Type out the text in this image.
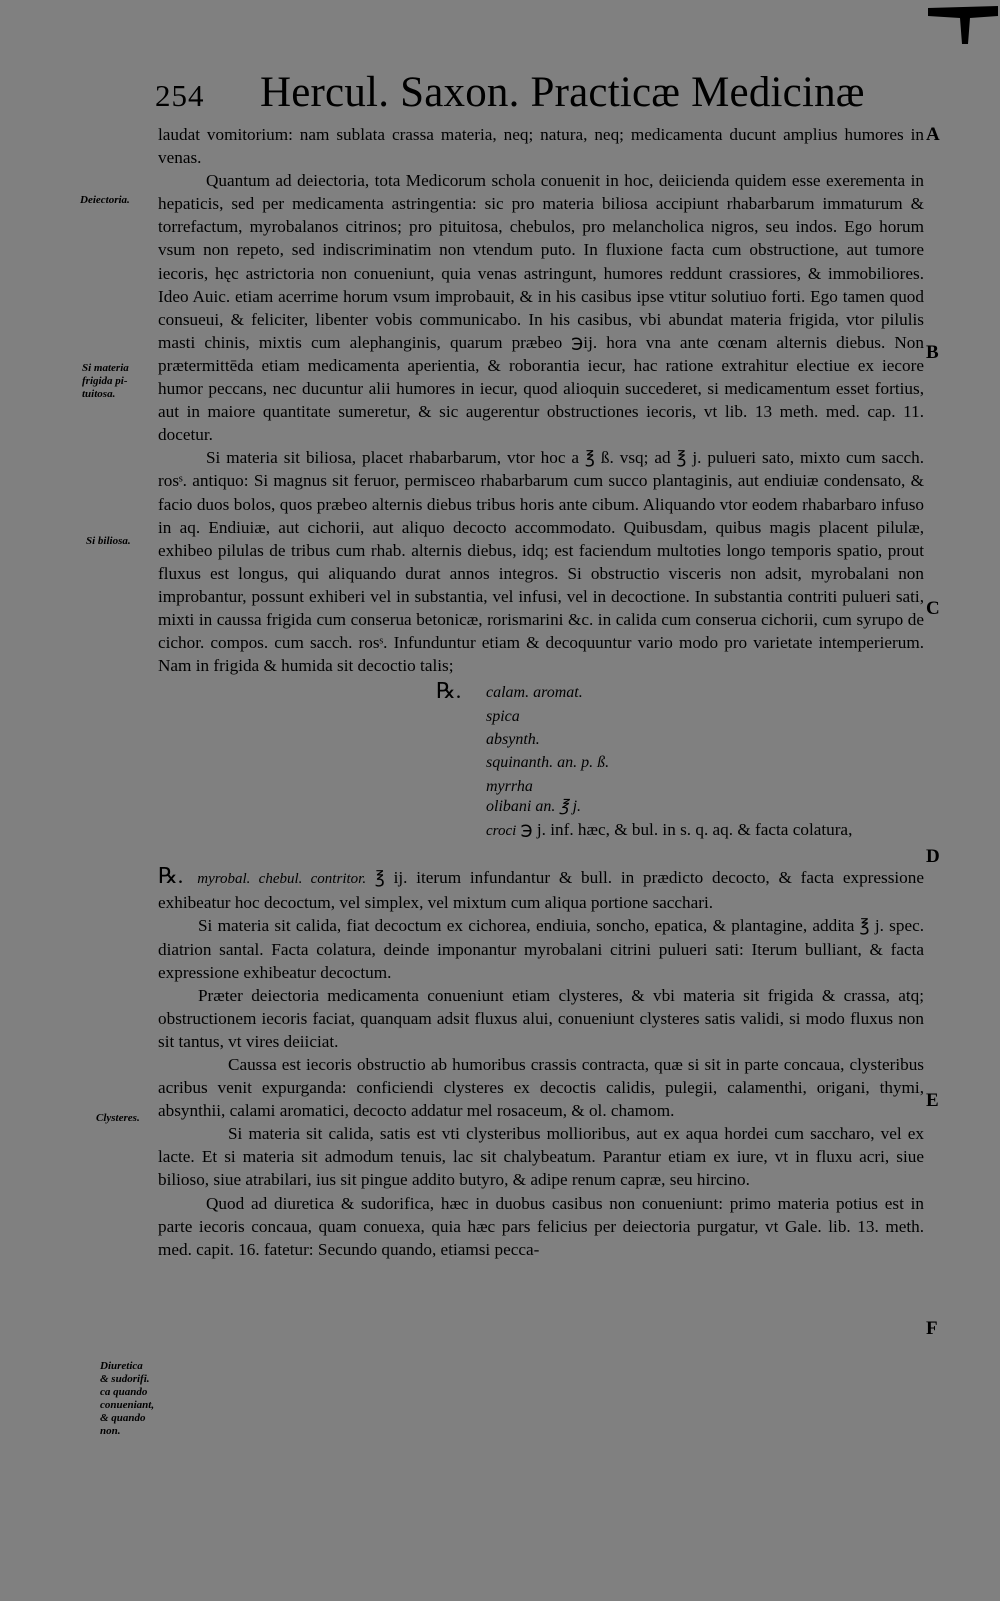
254 Hercul. Saxon. Practicæ Medicinæ
Deiectoria.
Si materia
frigida pi-
tuitosa.
Si biliosa.
Clysteres.
Diuretica
& sudorifi.
ca quando
conueniant,
& quando
non.
A
B
C
D
E
F

laudat vomitorium: nam sublata crassa materia, neq; natura, neq; medicamenta ducunt amplius humores in venas.

Quantum ad deiectoria, tota Medicorum schola conuenit in hoc, deiicienda quidem esse exerementa in hepaticis, sed per medicamenta astringentia: sic pro materia biliosa accipiunt rhabarbarum immaturum & torrefactum, myrobalanos citrinos; pro pituitosa, chebulos, pro melancholica nigros, seu indos. Ego horum vsum non repeto, sed indiscriminatim non vtendum puto. In fluxione facta cum obstructione, aut tumore iecoris, hęc astrictoria non conueniunt, quia venas astringunt, humores reddunt crassiores, & immobiliores. Ideo Auic. etiam acerrime horum vsum improbauit, & in his casibus ipse vtitur solutiuo forti. Ego tamen quod consueui, & feliciter, libenter vobis communicabo. In his casibus, vbi abundat materia frigida, vtor pilulis masti chinis, mixtis cum alephanginis, quarum præbeo ℈ij. hora vna ante cœnam alternis diebus. Non prætermittēda etiam medicamenta aperientia, & roborantia iecur, hac ratione extrahitur electiue ex iecore humor peccans, nec ducuntur alii humores in iecur, quod alioquin succederet, si medicamentum esset fortius, aut in maiore quantitate sumeretur, & sic augerentur obstructiones iecoris, vt lib. 13 meth. med. cap. 11. docetur.

Si materia sit biliosa, placet rhabarbarum, vtor hoc a ℥ ß. vsq; ad ℥ j. pulueri sato, mixto cum sacch. rosˢ. antiquo: Si magnus sit feruor, permisceo rhabarbarum cum succo plantaginis, aut endiuiæ condensato, & facio duos bolos, quos præbeo alternis diebus tribus horis ante cibum. Aliquando vtor eodem rhabarbaro infuso in aq. Endiuiæ, aut cichorii, aut aliquo decocto accommodato. Quibusdam, quibus magis placent pilulæ, exhibeo pilulas de tribus cum rhab. alternis diebus, idq; est faciendum multoties longo temporis spatio, prout fluxus est longus, qui aliquando durat annos integros. Si obstructio visceris non adsit, myrobalani non improbantur, possunt exhiberi vel in substantia, vel infusi, vel in decoctione. In substantia contriti pulueri sati, mixti in caussa frigida cum conserua betonicæ, rorismarini &c. in calida cum conserua cichorii, cum syrupo de cichor. compos. cum sacch. rosˢ. Infunduntur etiam & decoquuntur vario modo pro varietate intemperierum. Nam in frigida & humida sit decoctio talis;

℞. calam. aromat.
spica
absynth.
squinanth. an. p. ß.
myrrha
olibani an. ℥ j.
croci ℈ j. inf. hæc, & bul. in s. q. aq. & facta colatura,

℞. myrobal. chebul. contritor. ℥ ij. iterum infundantur & bull. in prædicto decocto, & facta expressione exhibeatur hoc decoctum, vel simplex, vel mixtum cum aliqua portione sacchari.

Si materia sit calida, fiat decoctum ex cichorea, endiuia, soncho, epatica, & plantagine, addita ℥ j. spec. diatrion santal. Facta colatura, deinde imponantur myrobalani citrini pulueri sati: Iterum bulliant, & facta expressione exhibeatur decoctum.

Præter deiectoria medicamenta conueniunt etiam clysteres, & vbi materia sit frigida & crassa, atq; obstructionem iecoris faciat, quanquam adsit fluxus alui, conueniunt clysteres satis validi, si modo fluxus non sit tantus, vt vires deiiciat.

Caussa est iecoris obstructio ab humoribus crassis contracta, quæ si sit in parte concaua, clysteribus acribus venit expurganda: conficiendi clysteres ex decoctis calidis, pulegii, calamenthi, origani, thymi, absynthii, calami aromatici, decocto addatur mel rosaceum, & ol. chamom.

Si materia sit calida, satis est vti clysteribus mollioribus, aut ex aqua hordei cum saccharo, vel ex lacte. Et si materia sit admodum tenuis, lac sit chalybeatum. Parantur etiam ex iure, vt in fluxu acri, siue bilioso, siue atrabilari, ius sit pingue addito butyro, & adipe renum capræ, seu hircino.

Quod ad diuretica & sudorifica, hæc in duobus casibus non conueniunt: primo materia potius est in parte iecoris concaua, quam conuexa, quia hæc pars felicius per deiectoria purgatur, vt Gale. lib. 13. meth. med. capit. 16. fatetur: Secundo quando, etiamsi pecca-
